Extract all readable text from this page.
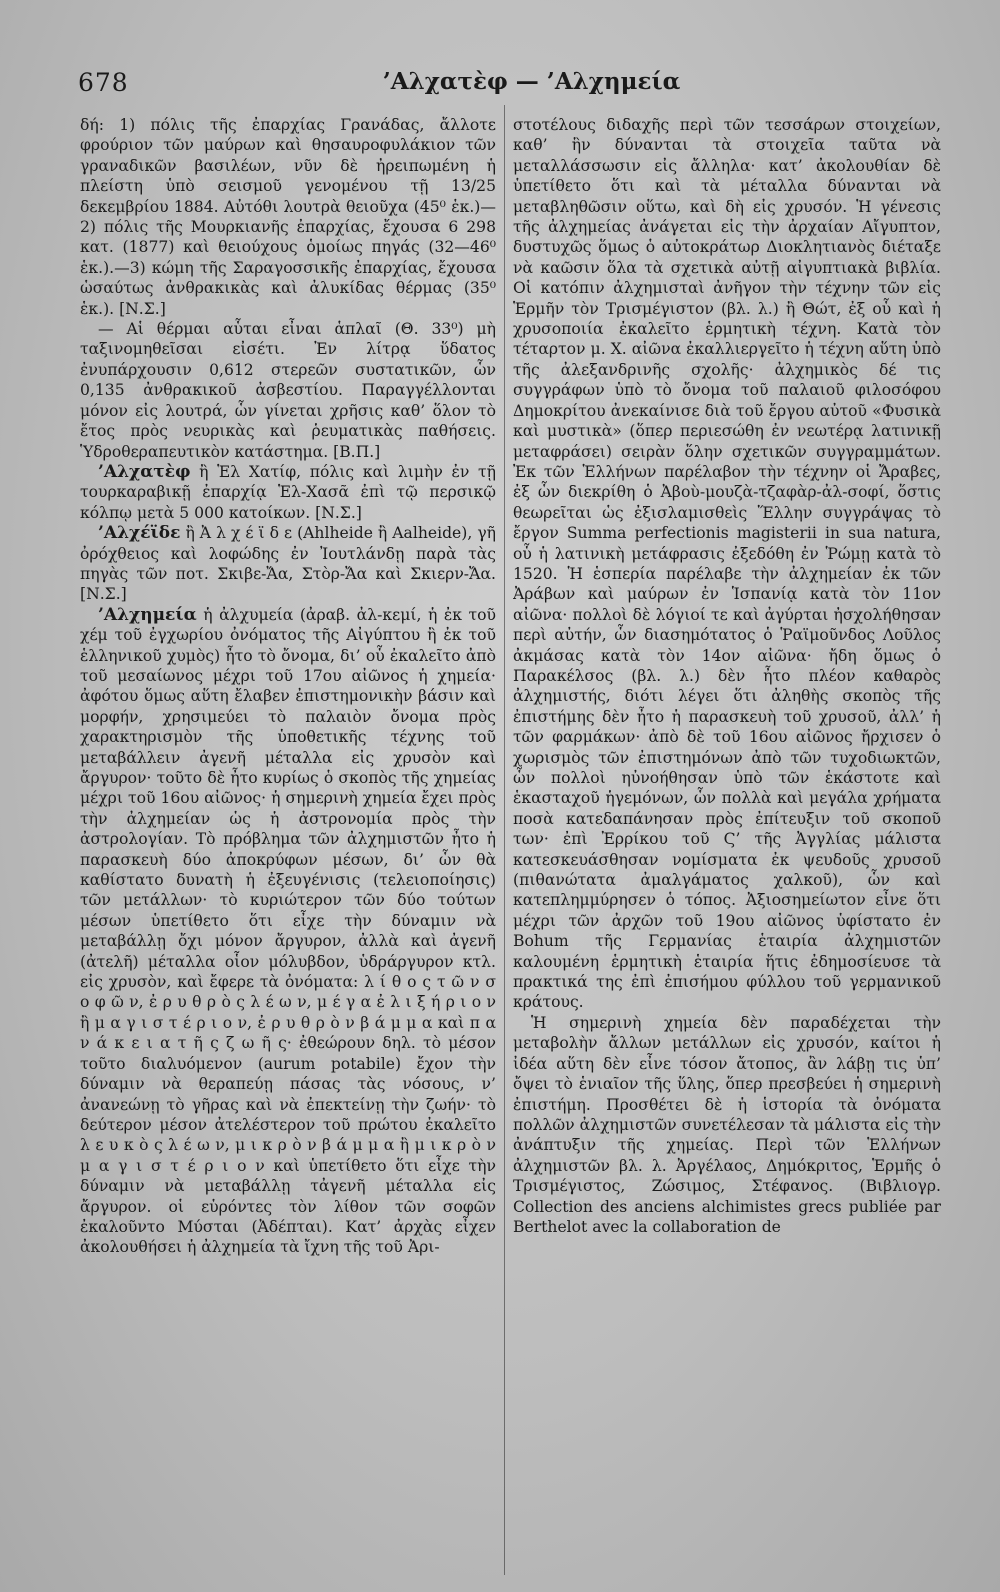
678	’Αλχατὲφ — ’Αλχημεία

δή: 1) πόλις τῆς ἐπαρχίας Γρανάδας, ἄλλοτε φρούριον τῶν μαύρων καὶ θησαυροφυλάκιον τῶν γραναδικῶν βασιλέων, νῦν δὲ ἠρειπωμένη ἡ πλείστη ὑπὸ σεισμοῦ γενομένου τῇ 13/25 δεκεμβρίου 1884. Αὐτόθι λουτρὰ θειοῦχα (45⁰ ἑκ.)—2) πόλις τῆς Μουρκιανῆς ἐπαρχίας, ἔχουσα 6 298 κατ. (1877) καὶ θειούχους ὁμοίως πηγάς (32—46⁰ ἑκ.).—3) κώμη τῆς Σαραγοσσικῆς ἐπαρχίας, ἔχουσα ὡσαύτως ἀνθρακικὰς καὶ ἀλυκίδας θέρμας (35⁰ ἑκ.). [Ν.Σ.]

— Αἱ θέρμαι αὗται εἶναι ἁπλαῖ (Θ. 33⁰) μὴ ταξινομηθεῖσαι εἰσέτι. Ἐν λίτρᾳ ὕδατος ἐνυπάρχουσιν 0,612 στερεῶν συστατικῶν, ὧν 0,135 ἀνθρακικοῦ ἀσβεστίου. Παραγγέλλονται μόνον εἰς λουτρά, ὧν γίνεται χρῆσις καθ’ ὅλον τὸ ἔτος πρὸς νευρικὰς καὶ ῥευματικὰς παθήσεις. Ὑδροθεραπευτικὸν κατάστημα. [Β.Π.]

’Αλχατὲφ ἢ Ἑλ Χατίφ, πόλις καὶ λιμὴν ἐν τῇ τουρκαραβικῇ ἐπαρχίᾳ Ἑλ-Χασᾶ ἐπὶ τῷ περσικῷ κόλπῳ μετὰ 5 000 κατοίκων. [Ν.Σ.]

’Αλχέϊδε ἢ Ἀ λ χ έ ϊ δ ε (Ahlheide ἢ Aalheide), γῆ ὀρόχθειος καὶ λοφώδης ἐν Ἰουτλάνδῃ παρὰ τὰς πηγὰς τῶν ποτ. Σκιβε-Ἄα, Στὸρ-Ἄα καὶ Σκιερν-Ἄα. [Ν.Σ.]

’Αλχημεία ἡ ἀλχυμεία (ἀραβ. ἀλ-κεμί, ἡ ἐκ τοῦ χέμ τοῦ ἐγχωρίου ὀνόματος τῆς Αἰγύπτου ἢ ἐκ τοῦ ἑλληνικοῦ χυμὸς) ἦτο τὸ ὄνομα, δι’ οὗ ἐκαλεῖτο ἀπὸ τοῦ μεσαίωνος μέχρι τοῦ 17ου αἰῶνος ἡ χημεία· ἀφότου ὅμως αὕτη ἔλαβεν ἐπιστημονικὴν βάσιν καὶ μορφήν, χρησιμεύει τὸ παλαιὸν ὄνομα πρὸς χαρακτηρισμὸν τῆς ὑποθετικῆς τέχνης τοῦ μεταβάλλειν ἀγενῆ μέταλλα εἰς χρυσὸν καὶ ἄργυρον· τοῦτο δὲ ἦτο κυρίως ὁ σκοπὸς τῆς χημείας μέχρι τοῦ 16ου αἰῶνος· ἡ σημερινὴ χημεία ἔχει πρὸς τὴν ἀλχημείαν ὡς ἡ ἀστρονομία πρὸς τὴν ἀστρολογίαν. Τὸ πρόβλημα τῶν ἀλχημιστῶν ἦτο ἡ παρασκευὴ δύο ἀποκρύφων μέσων, δι’ ὧν θὰ καθίστατο δυνατὴ ἡ ἐξευγένισις (τελειοποίησις) τῶν μετάλλων· τὸ κυριώτερον τῶν δύο τούτων μέσων ὑπετίθετο ὅτι εἶχε τὴν δύναμιν νὰ μεταβάλλῃ ὄχι μόνον ἄργυρον, ἀλλὰ καὶ ἀγενῆ (ἀτελῆ) μέταλλα οἷον μόλυβδον, ὑδράργυρον κτλ. εἰς χρυσὸν, καὶ ἔφερε τὰ ὀνόματα: λ ί θ ο ς τ ῶ ν σ ο φ ῶ ν, ἐ ρ υ θ ρ ὸ ς λ έ ω ν, μ έ γ α ἐ λ ι ξ ή ρ ι ο ν ἢ μ α γ ι σ τ έ ρ ι ο ν, ἐ ρ υ θ ρ ὸ ν β ά μ μ α καὶ π α ν ά κ ε ι α τ ῆ ς ζ ω ῆ ς· ἐθεώρουν δηλ. τὸ μέσον τοῦτο διαλυόμενον (aurum potabile) ἔχον τὴν δύναμιν νὰ θεραπεύῃ πάσας τὰς νόσους, ν’ ἀνανεώνῃ τὸ γῆρας καὶ νὰ ἐπεκτείνῃ τὴν ζωήν· τὸ δεύτερον μέσον ἀτελέστερον τοῦ πρώτου ἐκαλεῖτο λ ε υ κ ὸ ς λ έ ω ν, μ ι κ ρ ὸ ν β ά μ μ α ἢ μ ι κ ρ ὸ ν μ α γ ι σ τ έ ρ ι ο ν καὶ ὑπετίθετο ὅτι εἶχε τὴν δύναμιν νὰ μεταβάλλῃ τἀγενῆ μέταλλα εἰς ἄργυρον. οἱ εὑρόντες τὸν λίθον τῶν σοφῶν ἐκαλοῦντο Μύσται (Ἀδέπται). Κατ’ ἀρχὰς εἶχεν ἀκολουθήσει ἡ ἀλχημεία τὰ ἴχνη τῆς τοῦ Ἀρι-

στοτέλους διδαχῆς περὶ τῶν τεσσάρων στοιχείων, καθ’ ἣν δύνανται τὰ στοιχεῖα ταῦτα νὰ μεταλλάσσωσιν εἰς ἄλληλα· κατ’ ἀκολουθίαν δὲ ὑπετίθετο ὅτι καὶ τὰ μέταλλα δύνανται νὰ μεταβληθῶσιν οὕτω, καὶ δὴ εἰς χρυσόν. Ἡ γένεσις τῆς ἀλχημείας ἀνάγεται εἰς τὴν ἀρχαίαν Αἴγυπτον, δυστυχῶς ὅμως ὁ αὐτοκράτωρ Διοκλητιανὸς διέταξε νὰ καῶσιν ὅλα τὰ σχετικὰ αὐτῇ αἰγυπτιακὰ βιβλία. Οἱ κατόπιν ἀλχημισταὶ ἀνῆγον τὴν τέχνην τῶν εἰς Ἑρμῆν τὸν Τρισμέγιστον (βλ. λ.) ἢ Θώτ, ἐξ οὗ καὶ ἡ χρυσοποιία ἐκαλεῖτο ἑρμητικὴ τέχνη. Κατὰ τὸν τέταρτον μ. Χ. αἰῶνα ἐκαλλιεργεῖτο ἡ τέχνη αὕτη ὑπὸ τῆς ἀλεξανδρινῆς σχολῆς· ἀλχημικὸς δέ τις συγγράφων ὑπὸ τὸ ὄνομα τοῦ παλαιοῦ φιλοσόφου Δημοκρίτου ἀνεκαίνισε διὰ τοῦ ἔργου αὐτοῦ «Φυσικὰ καὶ μυστικὰ» (ὅπερ περιεσώθη ἐν νεωτέρᾳ λατινικῇ μεταφράσει) σειρὰν ὅλην σχετικῶν συγγραμμάτων. Ἐκ τῶν Ἑλλήνων παρέλαβον τὴν τέχνην οἱ Ἄραβες, ἐξ ὧν διεκρίθη ὁ Ἀβοὺ-μουζὰ-τζαφὰρ-ἀλ-σοφί, ὅστις θεωρεῖται ὡς ἐξισλαμισθεὶς Ἕλλην συγγράψας τὸ ἔργον Summa perfectionis magisterii in sua natura, οὗ ἡ λατινικὴ μετάφρασις ἐξεδόθη ἐν Ῥώμῃ κατὰ τὸ 1520. Ἡ ἑσπερία παρέλαβε τὴν ἀλχημείαν ἐκ τῶν Ἀράβων καὶ μαύρων ἐν Ἱσπανίᾳ κατὰ τὸν 11ον αἰῶνα· πολλοὶ δὲ λόγιοί τε καὶ ἀγύρται ἠσχολήθησαν περὶ αὐτήν, ὧν διασημότατος ὁ Ῥαϊμοῦνδος Λοῦλος ἀκμάσας κατὰ τὸν 14ον αἰῶνα· ἤδη ὅμως ὁ Παρακέλσος (βλ. λ.) δὲν ἦτο πλέον καθαρὸς ἀλχημιστής, διότι λέγει ὅτι ἀληθὴς σκοπὸς τῆς ἐπιστήμης δὲν ἦτο ἡ παρασκευὴ τοῦ χρυσοῦ, ἀλλ’ ἡ τῶν φαρμάκων· ἀπὸ δὲ τοῦ 16ου αἰῶνος ἤρχισεν ὁ χωρισμὸς τῶν ἐπιστημόνων ἀπὸ τῶν τυχοδιωκτῶν, ὧν πολλοὶ ηὐνοήθησαν ὑπὸ τῶν ἑκάστοτε καὶ ἑκασταχοῦ ἡγεμόνων, ὧν πολλὰ καὶ μεγάλα χρήματα ποσὰ κατεδαπάνησαν πρὸς ἐπίτευξιν τοῦ σκοποῦ των· ἐπὶ Ἐρρίκου τοῦ Ϛ’ τῆς Ἀγγλίας μάλιστα κατεσκευάσθησαν νομίσματα ἐκ ψευδοῦς χρυσοῦ (πιθανώτατα ἀμαλγάματος χαλκοῦ), ὧν καὶ κατεπλημμύρησεν ὁ τόπος. Ἀξιοσημείωτον εἶνε ὅτι μέχρι τῶν ἀρχῶν τοῦ 19ου αἰῶνος ὑφίστατο ἐν Bohum τῆς Γερμανίας ἑταιρία ἀλχημιστῶν καλουμένη ἑρμητικὴ ἑταιρία ἥτις ἐδημοσίευσε τὰ πρακτικά της ἐπὶ ἐπισήμου φύλλου τοῦ γερμανικοῦ κράτους.

Ἡ σημερινὴ χημεία δὲν παραδέχεται τὴν μεταβολὴν ἄλλων μετάλλων εἰς χρυσόν, καίτοι ἡ ἰδέα αὕτη δὲν εἶνε τόσον ἄτοπος, ἂν λάβῃ τις ὑπ’ ὄψει τὸ ἑνιαῖον τῆς ὕλης, ὅπερ πρεσβεύει ἡ σημερινὴ ἐπιστήμη. Προσθέτει δὲ ἡ ἱστορία τὰ ὀνόματα πολλῶν ἀλχημιστῶν συνετέλεσαν τὰ μάλιστα εἰς τὴν ἀνάπτυξιν τῆς χημείας. Περὶ τῶν Ἑλλήνων ἀλχημιστῶν βλ. λ. Ἀργέλαος, Δημόκριτος, Ἑρμῆς ὁ Τρισμέγιστος, Ζώσιμος, Στέφανος. (Βιβλιογρ. Collection des anciens alchimistes grecs publiée par Berthelot avec la collaboration de
